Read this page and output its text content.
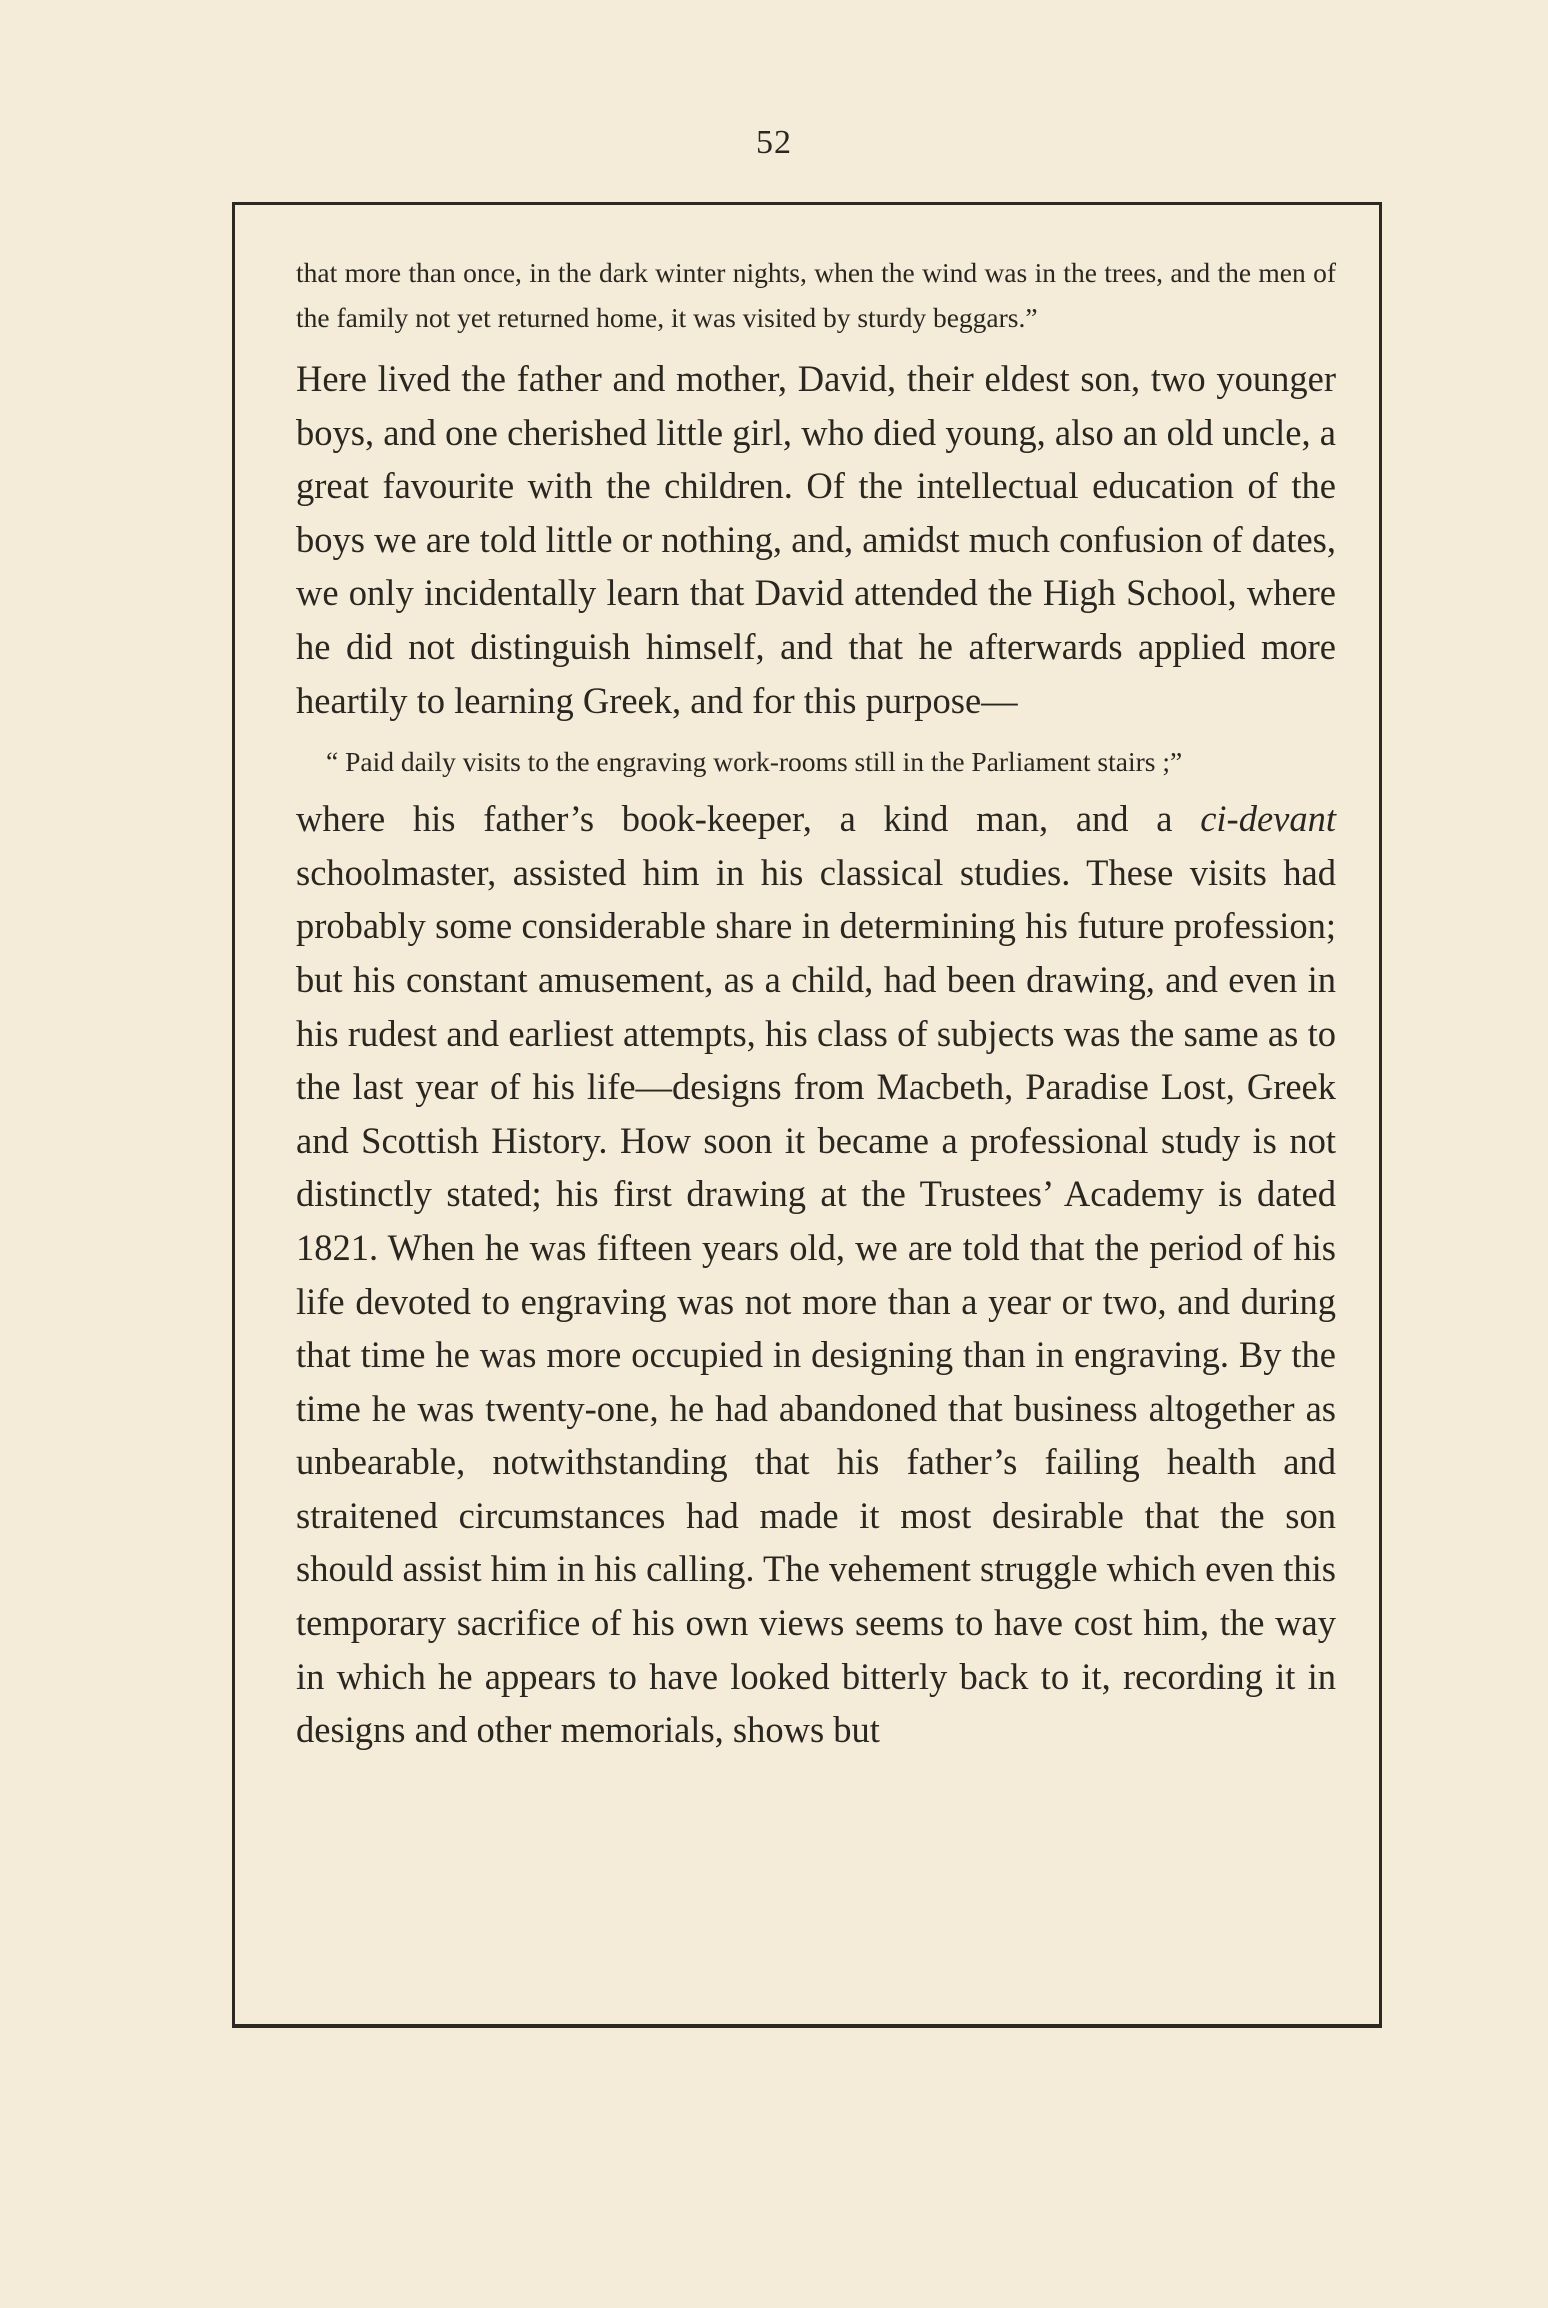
52

that more than once, in the dark winter nights, when the wind was in the trees, and the men of the family not yet returned home, it was visited by sturdy beggars.”

Here lived the father and mother, David, their eldest son, two younger boys, and one cherished little girl, who died young, also an old uncle, a great favourite with the children. Of the intellectual education of the boys we are told little or nothing, and, amidst much confusion of dates, we only incidentally learn that David attended the High School, where he did not distinguish himself, and that he afterwards applied more heartily to learning Greek, and for this purpose—

“ Paid daily visits to the engraving work-rooms still in the Parliament stairs ;”

where his father’s book-keeper, a kind man, and a ci-devant schoolmaster, assisted him in his classical studies. These visits had probably some considerable share in determining his future profession; but his constant amusement, as a child, had been drawing, and even in his rudest and earliest attempts, his class of subjects was the same as to the last year of his life—designs from Macbeth, Paradise Lost, Greek and Scottish History. How soon it became a professional study is not distinctly stated; his first drawing at the Trustees’ Academy is dated 1821. When he was fifteen years old, we are told that the period of his life devoted to engraving was not more than a year or two, and during that time he was more occupied in designing than in engraving. By the time he was twenty-one, he had abandoned that business altogether as unbearable, notwithstanding that his father’s failing health and straitened circumstances had made it most desirable that the son should assist him in his calling. The vehement struggle which even this temporary sacrifice of his own views seems to have cost him, the way in which he appears to have looked bitterly back to it, recording it in designs and other memorials, shows but
